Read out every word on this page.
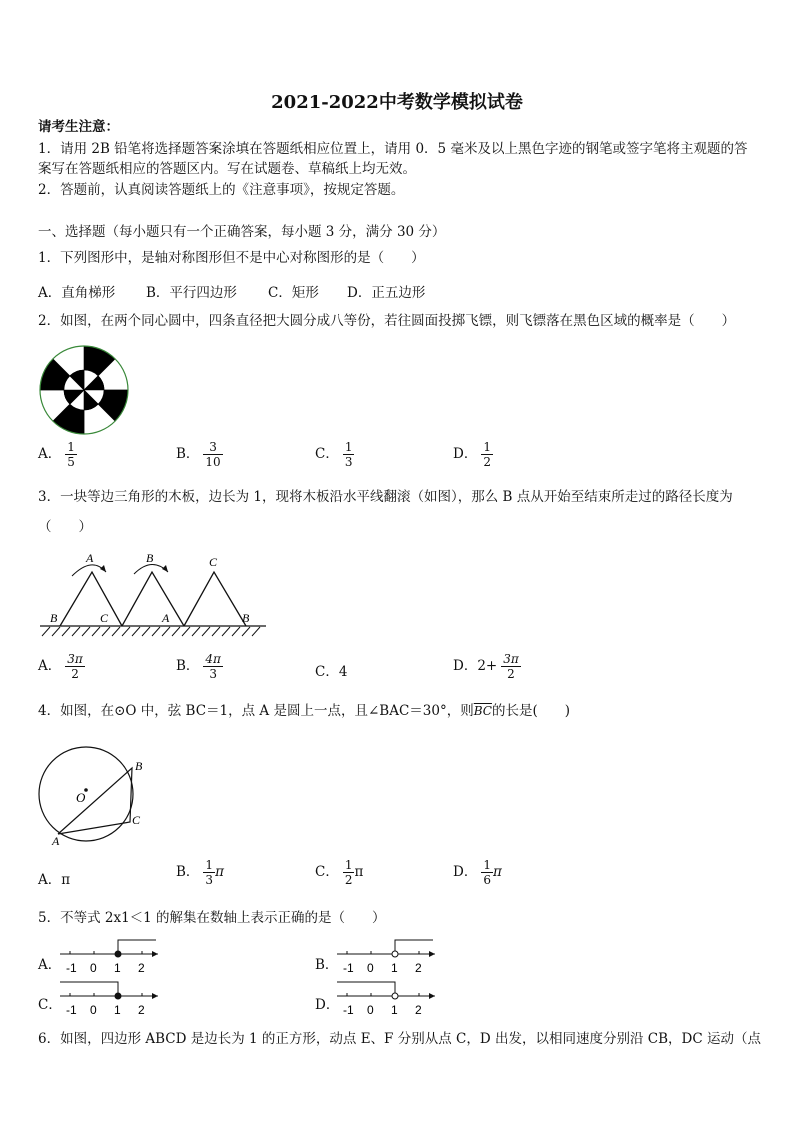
2021-2022中考数学模拟试卷
请考生注意：
1．请用 2B 铅笔将选择题答案涂填在答题纸相应位置上，请用 0．5 毫米及以上黑色字迹的钢笔或签字笔将主观题的答
案写在答题纸相应的答题区内。写在试题卷、草稿纸上均无效。
2．答题前，认真阅读答题纸上的《注意事项》，按规定答题。
一、选择题（每小题只有一个正确答案，每小题 3 分，满分 30 分）
1．下列图形中，是轴对称图形但不是中心对称图形的是（　　）
A．直角梯形 B．平行四边形 C．矩形 D．正五边形
2．如图，在两个同心圆中，四条直径把大圆分成八等份，若往圆面投掷飞镖，则飞镖落在黑色区域的概率是（　　）
A． $\frac{1}{5}$	B． $\frac{3}{10}$	C． $\frac{1}{3}$	D． $\frac{1}{2}$
3．一块等边三角形的木板，边长为 1，现将木板沿水平线翻滚（如图），那么 B 点从开始至结束所走过的路径长度为
（　　）
A	B	C
B	C	A	B
A． $\frac{3\pi}{2}$	B． $\frac{4\pi}{3}$	C．4	D．$2+ \frac{3\pi}{2}$
4．如图，在⊙O 中，弦 BC＝1，点 A 是圆上一点，且∠BAC＝30°，则$\overline{BC}$的长是(　　)
O
A
B
C
A．π	B． $\frac{1}{3}$ π	C． $\frac{1}{2}$ π	D． $\frac{1}{6}$ π
5．不等式 2x1＜1 的解集在数轴上表示正确的是（　　）
A． -1 0 1 2	B． -1 0 1 2
C． -1 0 1 2	D． -1 0 1 2
6．如图，四边形 ABCD 是边长为 1 的正方形，动点 E、F 分别从点 C，D 出发，以相同速度分别沿 CB，DC 运动（点
